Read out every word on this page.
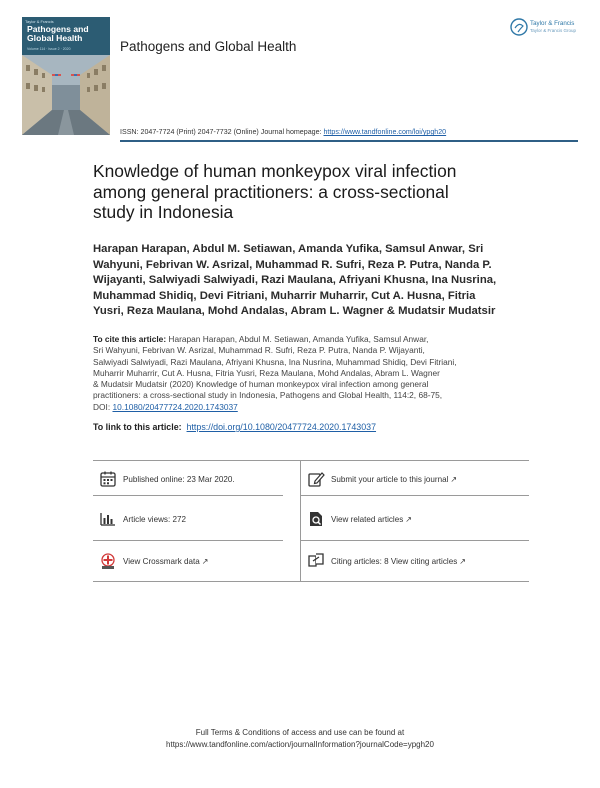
Taylor & Francis
Pathogens and
Global Health
Volume 114 · Issue 2 · 2020	Pathogens and Global Health
Taylor & Francis
Taylor & Francis Group
ISSN: 2047-7724 (Print) 2047-7732 (Online) Journal homepage: https://www.tandfonline.com/loi/ypgh20
Knowledge of human monkeypox viral infection
among general practitioners: a cross-sectional
study in Indonesia
Harapan Harapan, Abdul M. Setiawan, Amanda Yufika, Samsul Anwar, Sri
Wahyuni, Febrivan W. Asrizal, Muhammad R. Sufri, Reza P. Putra, Nanda P.
Wijayanti, Salwiyadi Salwiyadi, Razi Maulana, Afriyani Khusna, Ina Nusrina,
Muhammad Shidiq, Devi Fitriani, Muharrir Muharrir, Cut A. Husna, Fitria
Yusri, Reza Maulana, Mohd Andalas, Abram L. Wagner & Mudatsir Mudatsir
To cite this article: Harapan Harapan, Abdul M. Setiawan, Amanda Yufika, Samsul Anwar,
Sri Wahyuni, Febrivan W. Asrizal, Muhammad R. Sufri, Reza P. Putra, Nanda P. Wijayanti,
Salwiyadi Salwiyadi, Razi Maulana, Afriyani Khusna, Ina Nusrina, Muhammad Shidiq, Devi Fitriani,
Muharrir Muharrir, Cut A. Husna, Fitria Yusri, Reza Maulana, Mohd Andalas, Abram L. Wagner
& Mudatsir Mudatsir (2020) Knowledge of human monkeypox viral infection among general
practitioners: a cross-sectional study in Indonesia, Pathogens and Global Health, 114:2, 68-75,
DOI: 10.1080/20477724.2020.1743037
To link to this article: https://doi.org/10.1080/20477724.2020.1743037
Published online: 23 Mar 2020.	Submit your article to this journal ↗
Article views: 272	View related articles ↗
View Crossmark data ↗	Citing articles: 8 View citing articles ↗
Full Terms & Conditions of access and use can be found at
https://www.tandfonline.com/action/journalInformation?journalCode=ypgh20
